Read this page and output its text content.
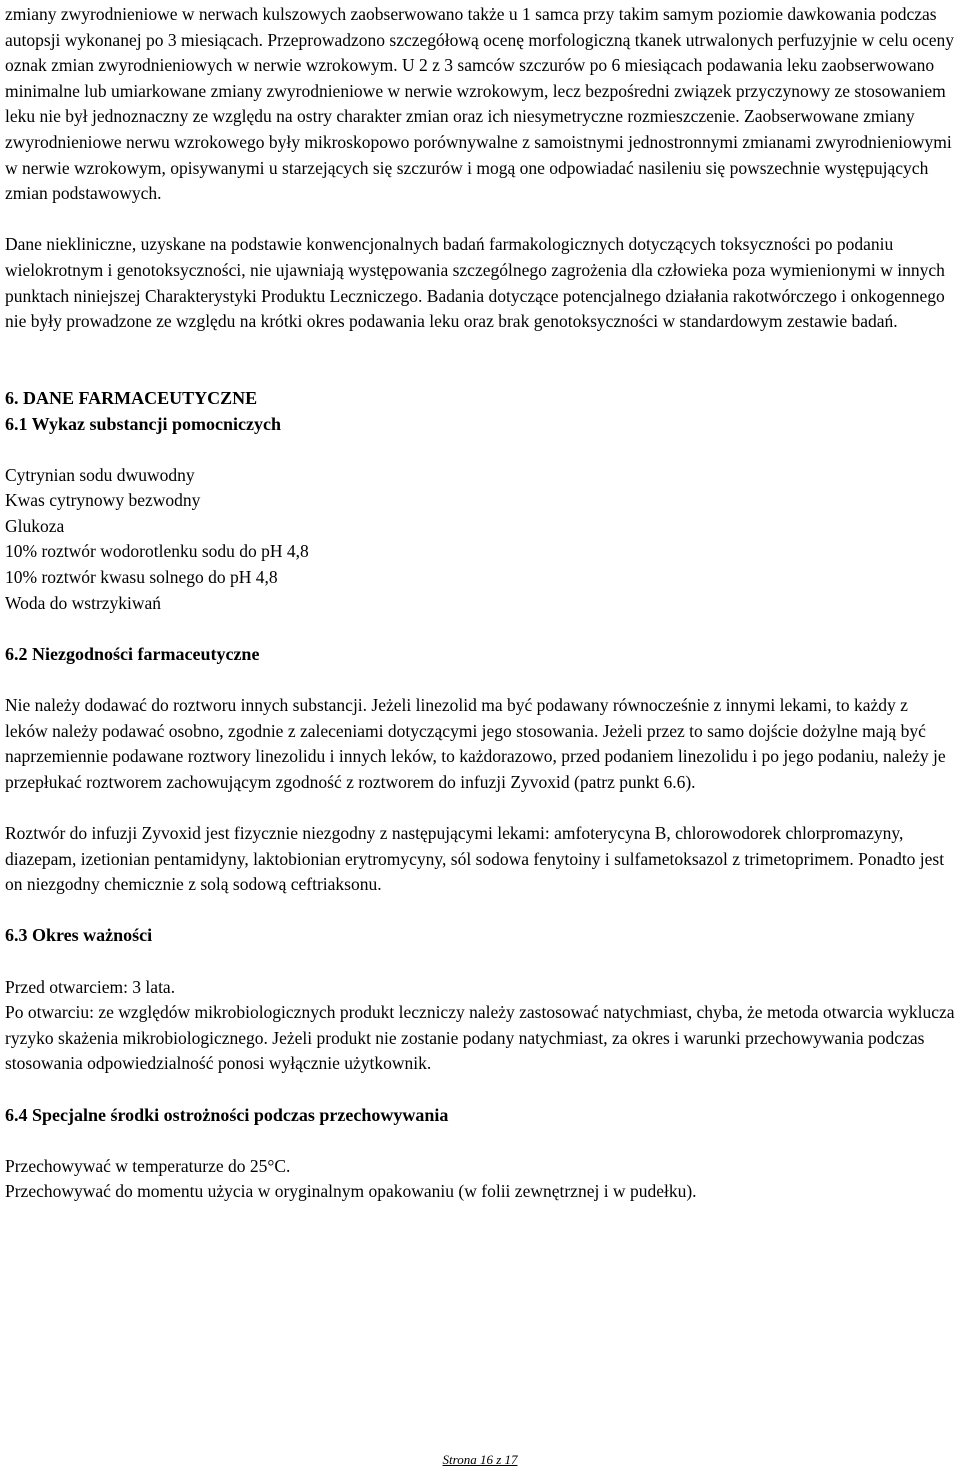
zmiany zwyrodnieniowe w nerwach kulszowych zaobserwowano także u 1 samca przy takim samym poziomie dawkowania podczas autopsji wykonanej po 3 miesiącach. Przeprowadzono szczegółową ocenę morfologiczną tkanek utrwalonych perfuzyjnie w celu oceny oznak zmian zwyrodnieniowych w nerwie wzrokowym. U 2 z 3 samców szczurów po 6 miesiącach podawania leku zaobserwowano minimalne lub umiarkowane zmiany zwyrodnieniowe w nerwie wzrokowym, lecz bezpośredni związek przyczynowy ze stosowaniem leku nie był jednoznaczny ze względu na ostry charakter zmian oraz ich niesymetryczne rozmieszczenie. Zaobserwowane zmiany zwyrodnieniowe nerwu wzrokowego były mikroskopowo porównywalne z samoistnymi jednostronnymi zmianami zwyrodnieniowymi w nerwie wzrokowym, opisywanymi u starzejących się szczurów i mogą one odpowiadać nasileniu się powszechnie występujących zmian podstawowych.

Dane niekliniczne, uzyskane na podstawie konwencjonalnych badań farmakologicznych dotyczących toksyczności po podaniu wielokrotnym i genotoksyczności, nie ujawniają występowania szczególnego zagrożenia dla człowieka poza wymienionymi w innych punktach niniejszej Charakterystyki Produktu Leczniczego. Badania dotyczące potencjalnego działania rakotwórczego i onkogennego nie były prowadzone ze względu na krótki okres podawania leku oraz brak genotoksyczności w standardowym zestawie badań.

6. DANE FARMACEUTYCZNE
6.1 Wykaz substancji pomocniczych
Cytrynian sodu dwuwodny
Kwas cytrynowy bezwodny
Glukoza
10% roztwór wodorotlenku sodu do pH 4,8
10% roztwór kwasu solnego do pH 4,8
Woda do wstrzykiwań
6.2 Niezgodności farmaceutyczne

Nie należy dodawać do roztworu innych substancji. Jeżeli linezolid ma być podawany równocześnie z innymi lekami, to każdy z leków należy podawać osobno, zgodnie z zaleceniami dotyczącymi jego stosowania. Jeżeli przez to samo dojście dożylne mają być naprzemiennie podawane roztwory linezolidu i innych leków, to każdorazowo, przed podaniem linezolidu i po jego podaniu, należy je przepłukać roztworem zachowującym zgodność z roztworem do infuzji Zyvoxid (patrz punkt 6.6).

Roztwór do infuzji Zyvoxid jest fizycznie niezgodny z następującymi lekami: amfoterycyna B, chlorowodorek chlorpromazyny, diazepam, izetionian pentamidyny, laktobionian erytromycyny, sól sodowa fenytoiny i sulfametoksazol z trimetoprimem. Ponadto jest on niezgodny chemicznie z solą sodową ceftriaksonu.

6.3 Okres ważności

Przed otwarciem: 3 lata.

Po otwarciu: ze względów mikrobiologicznych produkt leczniczy należy zastosować natychmiast, chyba, że metoda otwarcia wyklucza ryzyko skażenia mikrobiologicznego. Jeżeli produkt nie zostanie podany natychmiast, za okres i warunki przechowywania podczas stosowania odpowiedzialność ponosi wyłącznie użytkownik.

6.4 Specjalne środki ostrożności podczas przechowywania

Przechowywać w temperaturze do 25°C.

Przechowywać do momentu użycia w oryginalnym opakowaniu (w folii zewnętrznej i w pudełku).

Strona 16 z 17
